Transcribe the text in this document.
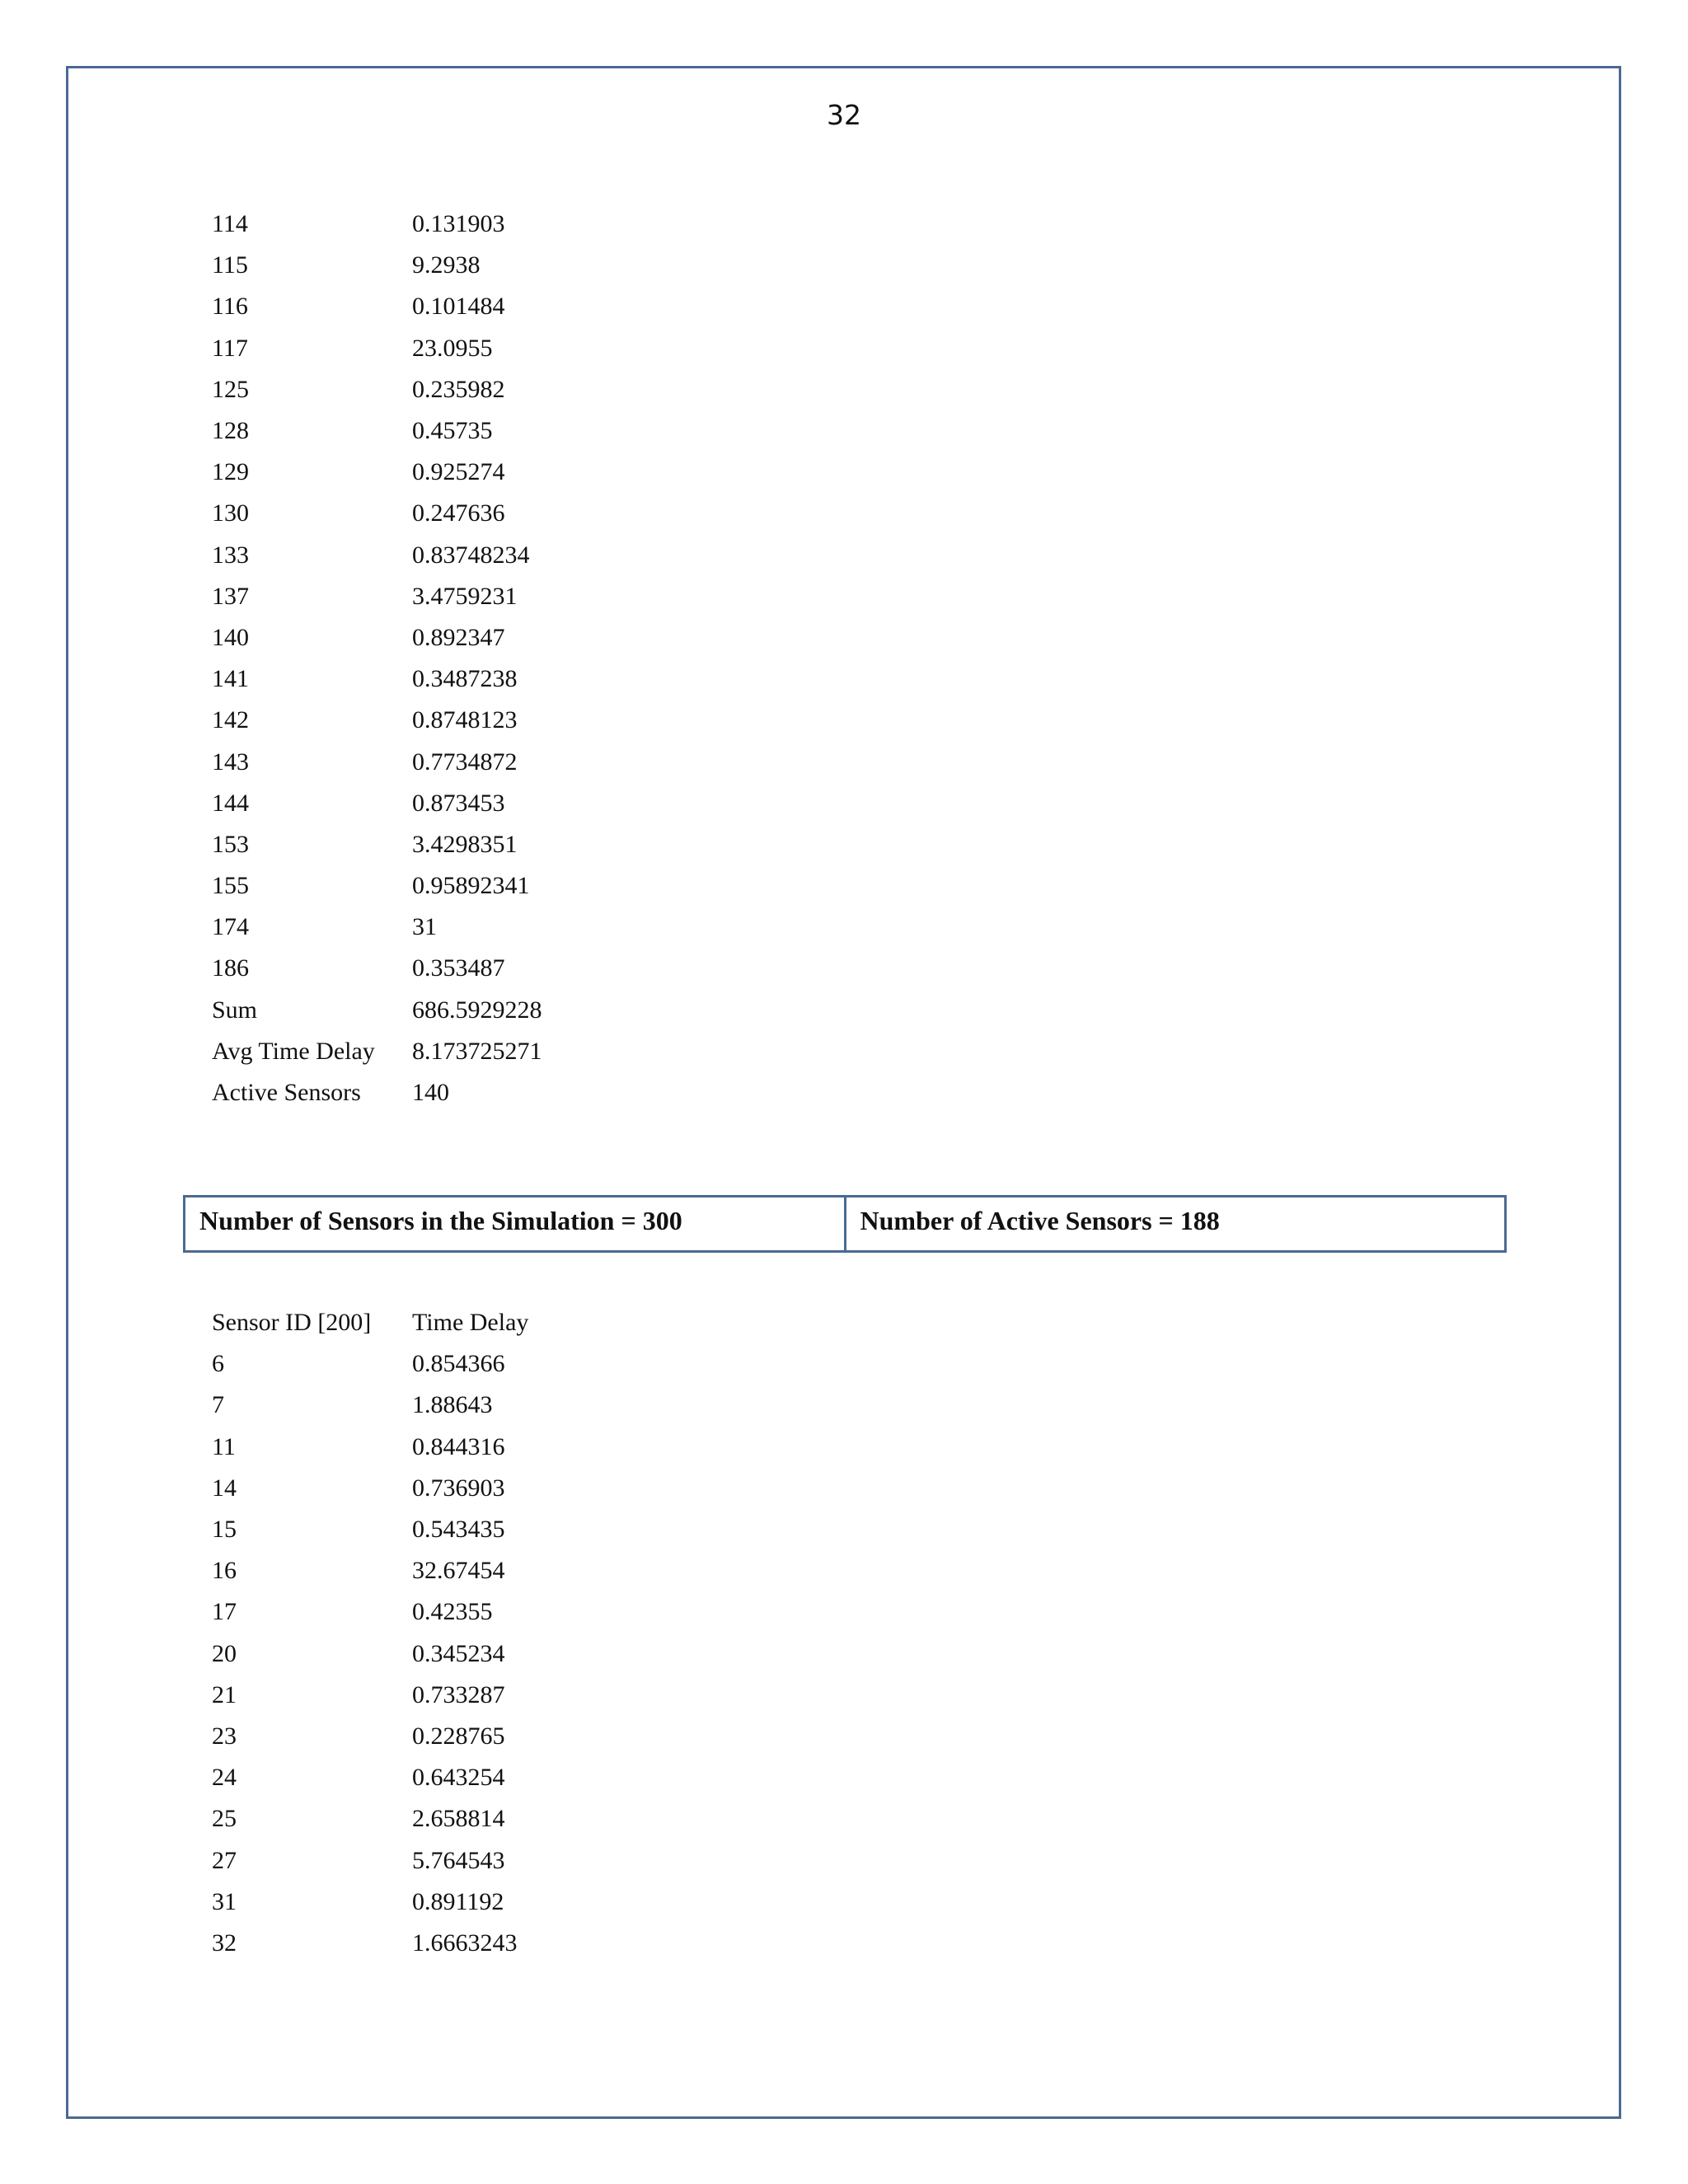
32
114	0.131903
115	9.2938
116	0.101484
117	23.0955
125	0.235982
128	0.45735
129	0.925274
130	0.247636
133	0.83748234
137	3.4759231
140	0.892347
141	0.3487238
142	0.8748123
143	0.7734872
144	0.873453
153	3.4298351
155	0.95892341
174	31
186	0.353487
Sum	686.5929228
Avg Time Delay	8.173725271
Active Sensors	140
Number of Sensors in the Simulation = 300	Number of Active Sensors = 188
Sensor ID [200]	Time Delay
6	0.854366
7	1.88643
11	0.844316
14	0.736903
15	0.543435
16	32.67454
17	0.42355
20	0.345234
21	0.733287
23	0.228765
24	0.643254
25	2.658814
27	5.764543
31	0.891192
32	1.6663243
